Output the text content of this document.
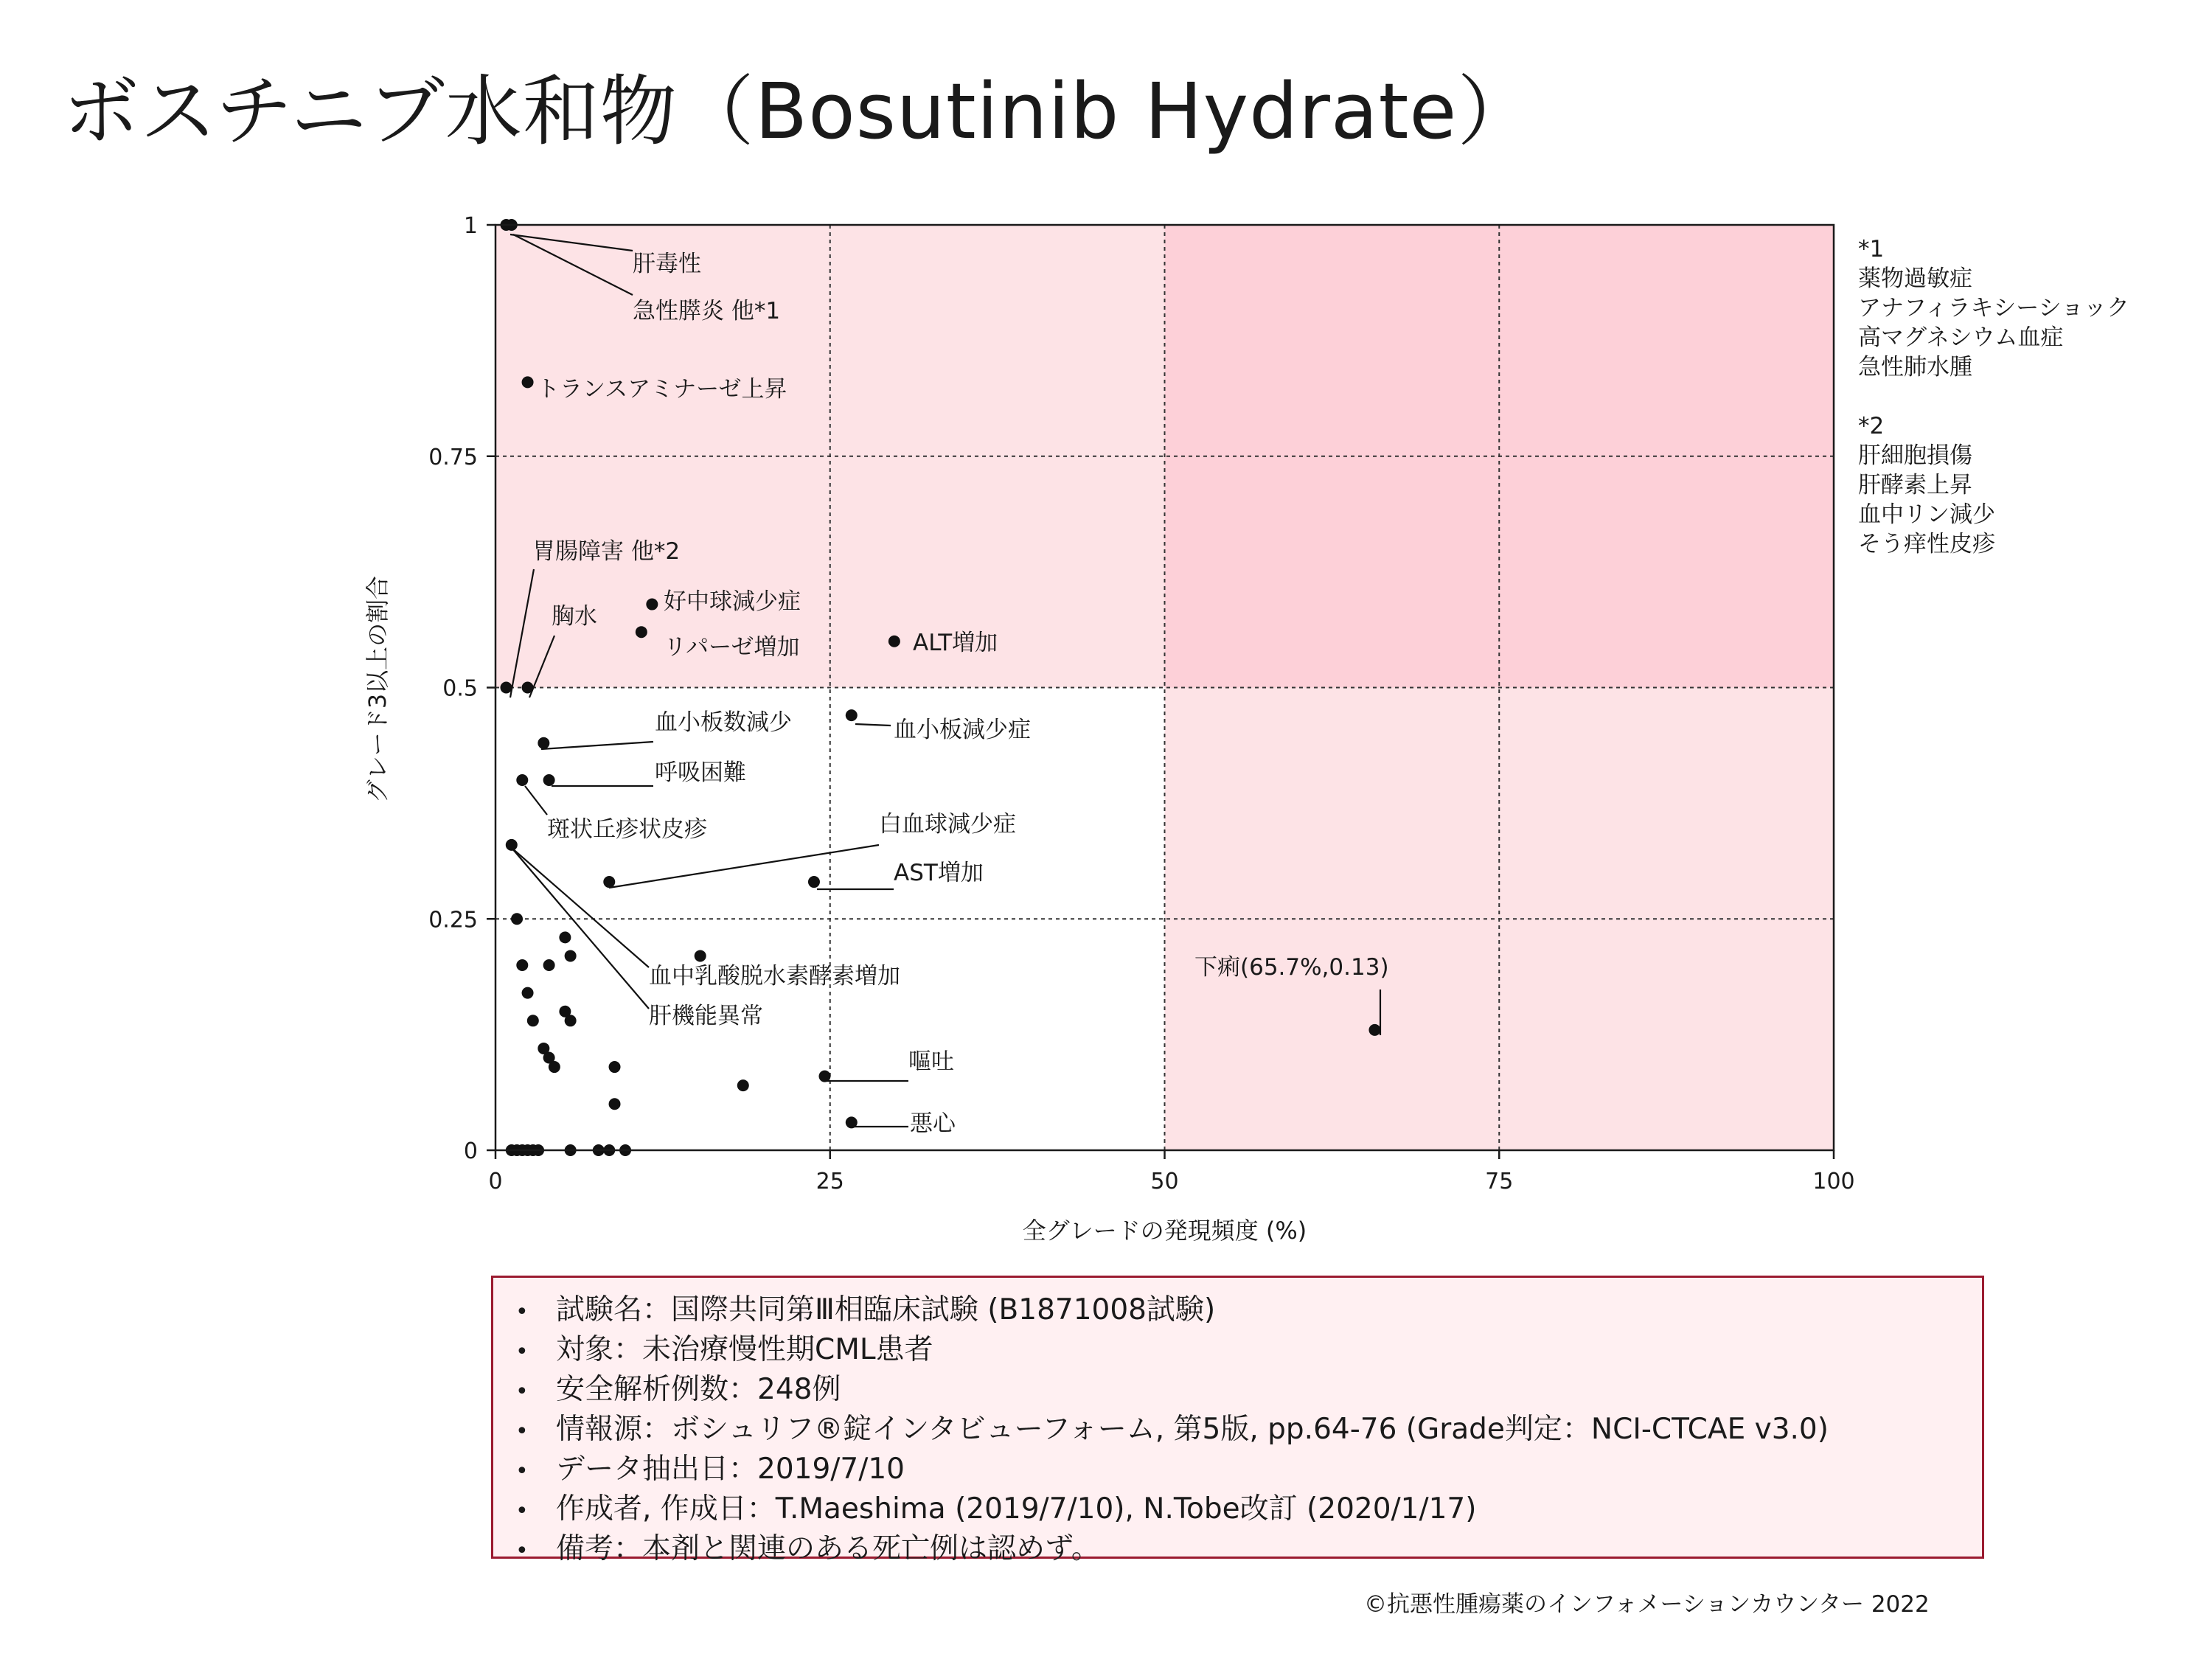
ボスチニブ水和物（Bosutinib Hydrate）
0	25	50	75	100
0
0.25
0.5
0.75
1
全グレードの発現頻度 (%)
グレード3以上の割合
肝毒性
急性膵炎 他*1
トランスアミナーゼ上昇
胃腸障害 他*2
胸水
好中球減少症
リパーゼ増加	ALT増加
血小板数減少	血小板減少症
呼吸困難
斑状丘疹状皮疹	白血球減少症
AST増加
血中乳酸脱水素酵素増加
肝機能異常
下痢(65.7%,0.13)
嘔吐
悪心
*1
薬物過敏症
アナフィラキシーショック
高マグネシウム血症
急性肺水腫
*2
肝細胞損傷
肝酵素上昇
血中リン減少
そう痒性皮疹
• 試験名：国際共同第Ⅲ相臨床試験 (B1871008試験)
• 対象：未治療慢性期CML患者
• 安全解析例数：248例
• 情報源：ボシュリフ®錠インタビューフォーム, 第5版, pp.64-76 (Grade判定：NCI-CTCAE v3.0)
• データ抽出日：2019/7/10
• 作成者, 作成日：T.Maeshima (2019/7/10), N.Tobe改訂 (2020/1/17)
• 備考：本剤と関連のある死亡例は認めず。
©抗悪性腫瘍薬のインフォメーションカウンター 2022
